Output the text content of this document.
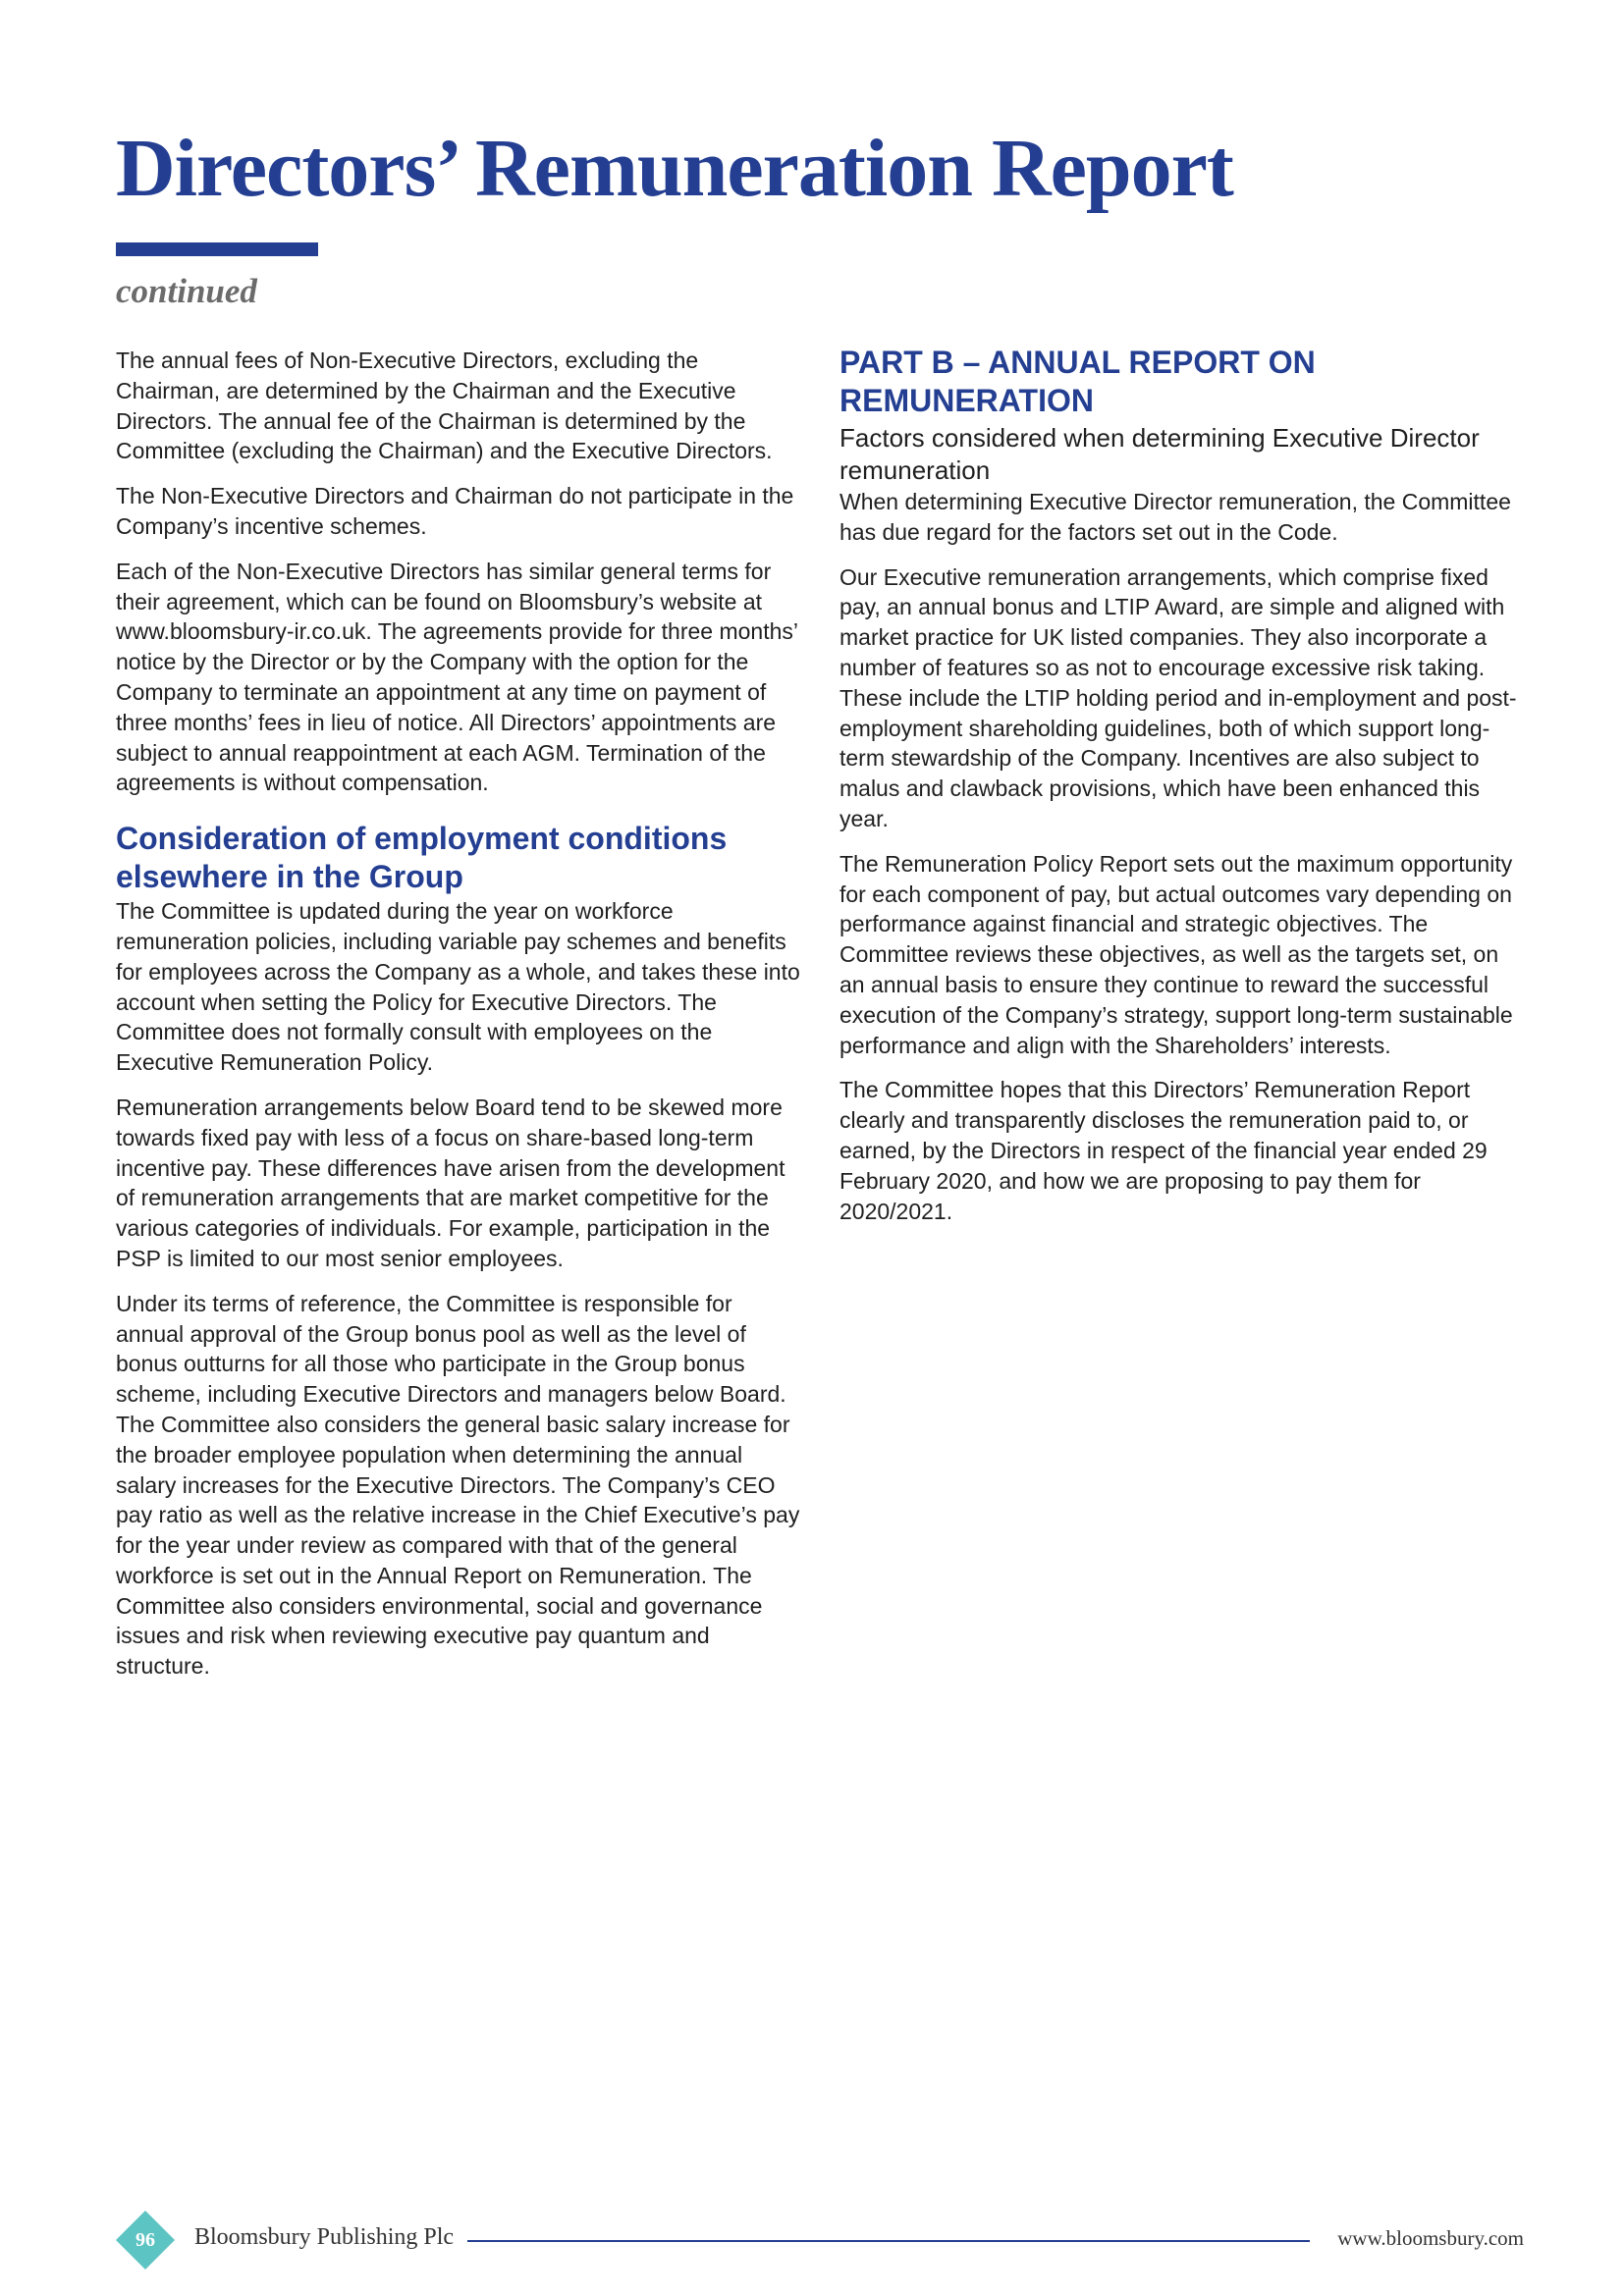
Directors’ Remuneration Report
continued

The annual fees of Non-Executive Directors, excluding the Chairman, are determined by the Chairman and the Executive Directors. The annual fee of the Chairman is determined by the Committee (excluding the Chairman) and the Executive Directors.

The Non-Executive Directors and Chairman do not participate in the Company’s incentive schemes.

Each of the Non-Executive Directors has similar general terms for their agreement, which can be found on Bloomsbury’s website at www.bloomsbury-ir.co.uk. The agreements provide for three months’ notice by the Director or by the Company with the option for the Company to terminate an appointment at any time on payment of three months’ fees in lieu of notice. All Directors’ appointments are subject to annual reappointment at each AGM. Termination of the agreements is without compensation.

Consideration of employment conditions elsewhere in the Group

The Committee is updated during the year on workforce remuneration policies, including variable pay schemes and benefits for employees across the Company as a whole, and takes these into account when setting the Policy for Executive Directors. The Committee does not formally consult with employees on the Executive Remuneration Policy.

Remuneration arrangements below Board tend to be skewed more towards fixed pay with less of a focus on share-based long-term incentive pay. These differences have arisen from the development of remuneration arrangements that are market competitive for the various categories of individuals. For example, participation in the PSP is limited to our most senior employees.

Under its terms of reference, the Committee is responsible for annual approval of the Group bonus pool as well as the level of bonus outturns for all those who participate in the Group bonus scheme, including Executive Directors and managers below Board. The Committee also considers the general basic salary increase for the broader employee population when determining the annual salary increases for the Executive Directors. The Company’s CEO pay ratio as well as the relative increase in the Chief Executive’s pay for the year under review as compared with that of the general workforce is set out in the Annual Report on Remuneration. The Committee also considers environmental, social and governance issues and risk when reviewing executive pay quantum and structure.

PART B – ANNUAL REPORT ON REMUNERATION
Factors considered when determining Executive Director remuneration

When determining Executive Director remuneration, the Committee has due regard for the factors set out in the Code.

Our Executive remuneration arrangements, which comprise fixed pay, an annual bonus and LTIP Award, are simple and aligned with market practice for UK listed companies. They also incorporate a number of features so as not to encourage excessive risk taking. These include the LTIP holding period and in-employment and post-employment shareholding guidelines, both of which support long-term stewardship of the Company. Incentives are also subject to malus and clawback provisions, which have been enhanced this year.

The Remuneration Policy Report sets out the maximum opportunity for each component of pay, but actual outcomes vary depending on performance against financial and strategic objectives. The Committee reviews these objectives, as well as the targets set, on an annual basis to ensure they continue to reward the successful execution of the Company’s strategy, support long-term sustainable performance and align with the Shareholders’ interests.

The Committee hopes that this Directors’ Remuneration Report clearly and transparently discloses the remuneration paid to, or earned, by the Directors in respect of the financial year ended 29 February 2020, and how we are proposing to pay them for 2020/2021.

96	Bloomsbury Publishing Plc	www.bloomsbury.com
